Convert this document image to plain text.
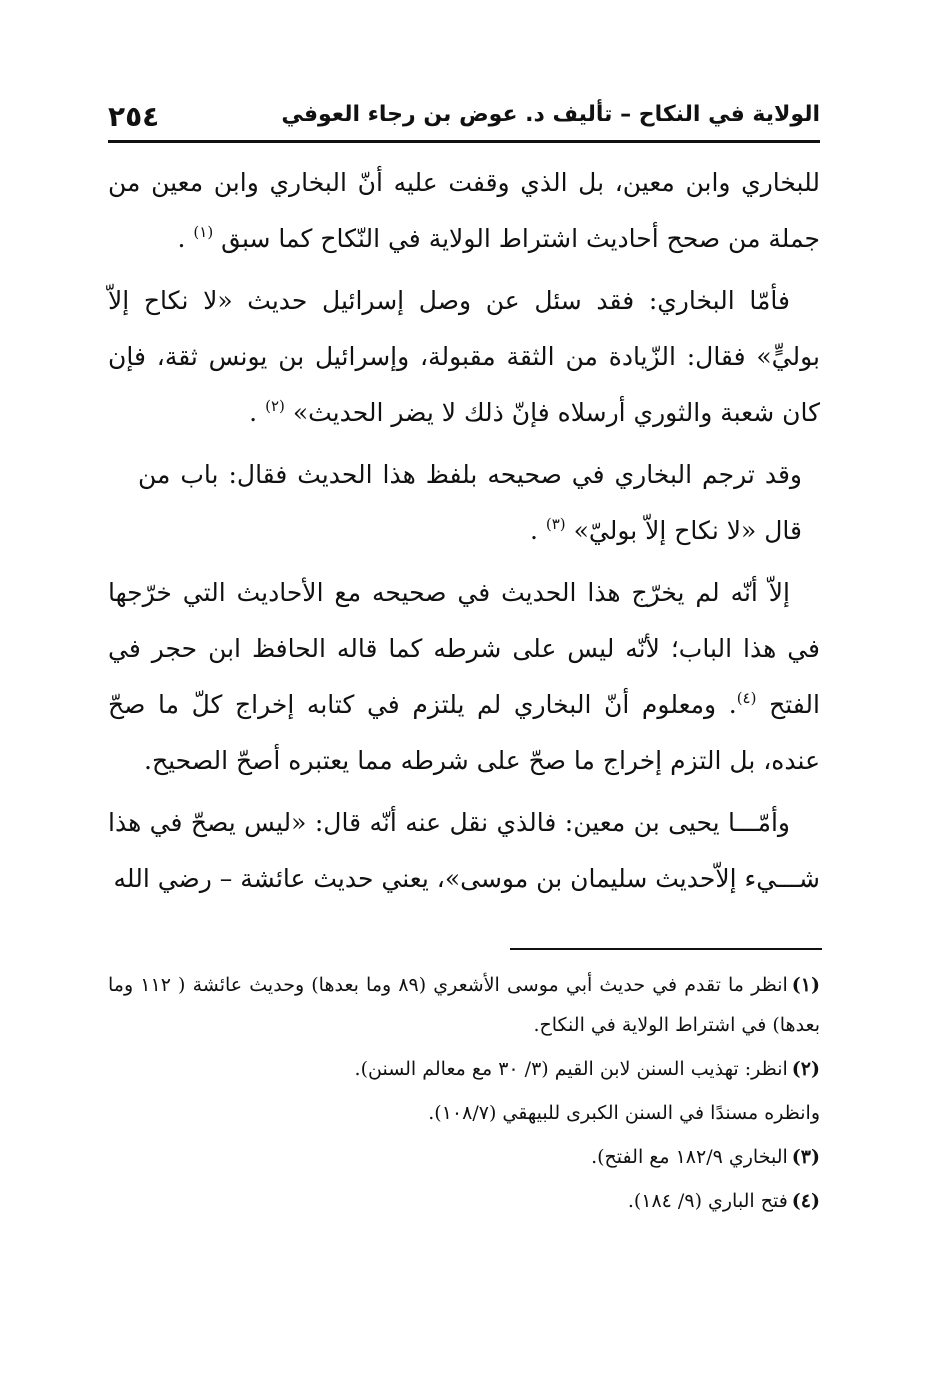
الولاية في النكاح – تأليف د. عوض بن رجاء العوفي
٢٥٤

للبخاري وابن معين، بل الذي وقفت عليه أنّ البخاري وابن معين من جملة من صحح أحاديث اشتراط الولاية في النّكاح كما سبق $^{(١)}$ .

فأمّا البخاري: فقد سئل عن وصل إسرائيل حديث «لا نكاح إلاّ بوليٍّ» فقال: الزّيادة من الثقة مقبولة، وإسرائيل بن يونس ثقة، فإن كان شعبة والثوري أرسلاه فإنّ ذلك لا يضر الحديث» $^{(٢)}$ .

وقد ترجم البخاري في صحيحه بلفظ هذا الحديث فقال: باب من قال «لا نكاح إلاّ بوليّ» $^{(٣)}$ .

إلاّ أنّه لم يخرّج هذا الحديث في صحيحه مع الأحاديث التي خرّجها في هذا الباب؛ لأنّه ليس على شرطه كما قاله الحافظ ابن حجر في الفتح $^{(٤)}$. ومعلوم أنّ البخاري لم يلتزم في كتابه إخراج كلّ ما صحّ عنده، بل التزم إخراج ما صحّ على شرطه مما يعتبره أصحّ الصحيح.

وأمّـــا يحيى بن معين: فالذي نقل عنه أنّه قال: «ليس يصحّ في هذا شـــيء إلاّحديث سليمان بن موسى»، يعني حديث عائشة – رضي الله

(١)انظر ما تقدم في حديث أبي موسى الأشعري (٨٩ وما بعدها) وحديث عائشة ( ١١٢ وما بعدها) في اشتراط الولاية في النكاح.

(٢)انظر: تهذيب السنن لابن القيم (٣/ ٣٠ مع معالم السنن).

وانظره مسندًا في السنن الكبرى للبيهقي (١٠٨/٧).

(٣)البخاري ١٨٢/٩ مع الفتح).

(٤)فتح الباري (٩/ ١٨٤).
